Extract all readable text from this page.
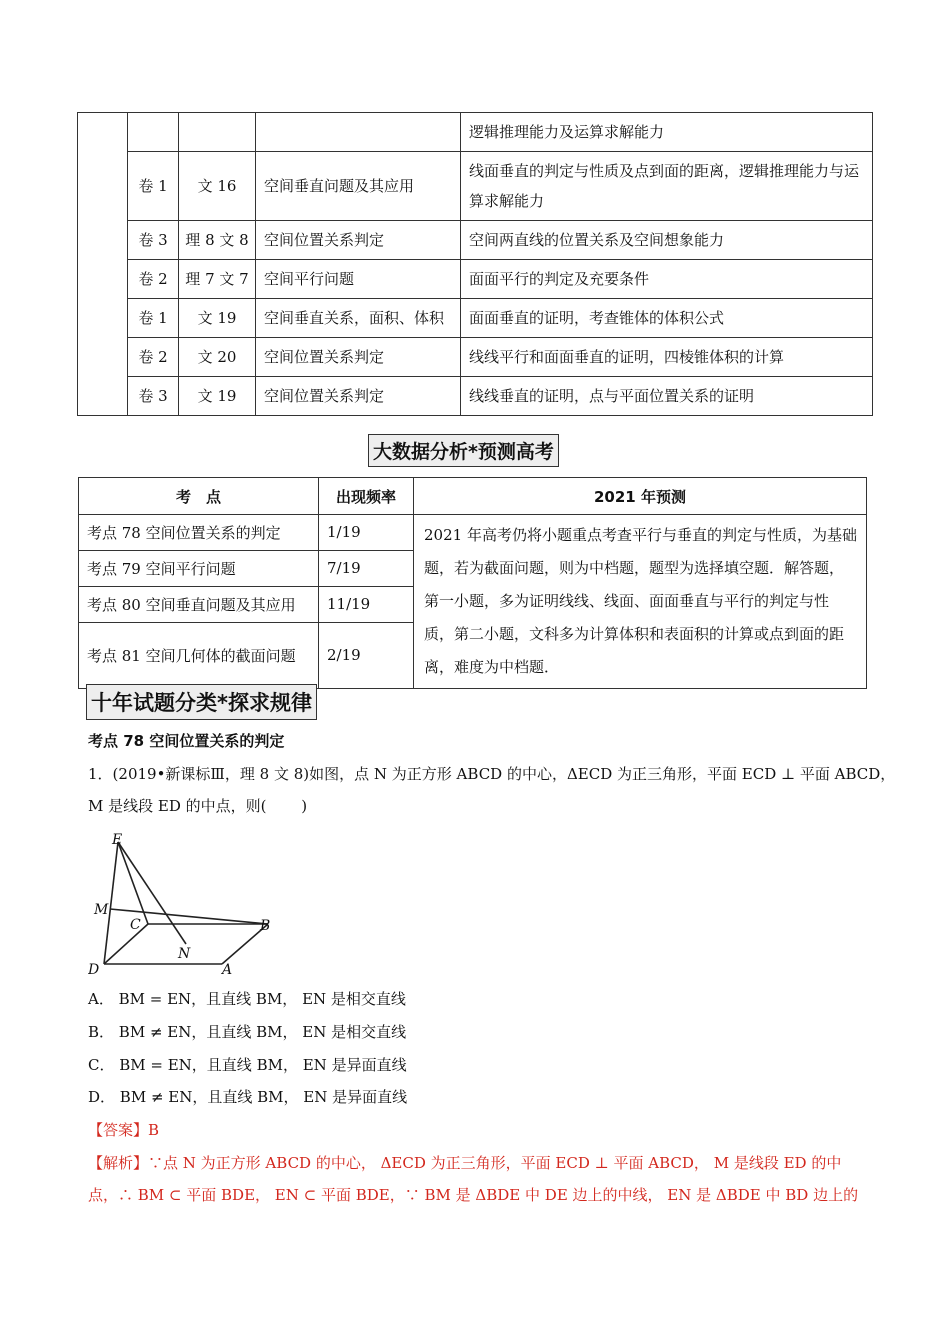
				逻辑推理能力及运算求解能力
	卷 1	文 16	空间垂直问题及其应用	线面垂直的判定与性质及点到面的距离，逻辑推理能力与运算求解能力
	卷 3	理 8 文 8	空间位置关系判定	空间两直线的位置关系及空间想象能力
	卷 2	理 7 文 7	空间平行问题	面面平行的判定及充要条件
	卷 1	文 19	空间垂直关系，面积、体积	面面垂直的证明，考查锥体的体积公式
	卷 2	文 20	空间位置关系判定	线线平行和面面垂直的证明，四棱锥体积的计算
	卷 3	文 19	空间位置关系判定	线线垂直的证明，点与平面位置关系的证明
大数据分析*预测高考
考　点	出现频率	2021 年预测
考点 78 空间位置关系的判定	1/19	2021 年高考仍将小题重点考查平行与垂直的判定与性质，为基础题，若为截面问题，则为中档题，题型为选择填空题．解答题，第一小题，多为证明线线、线面、面面垂直与平行的判定与性质，第二小题，文科多为计算体积和表面积的计算或点到面的距离，难度为中档题．
考点 79 空间平行问题	7/19	
考点 80 空间垂直问题及其应用	11/19	
考点 81 空间几何体的截面问题	2/19	
十年试题分类*探求规律
考点 78 空间位置关系的判定
1．(2019•新课标Ⅲ，理 8 文 8)如图，点 N 为正方形 ABCD 的中心，ΔECD 为正三角形，平面 ECD ⊥ 平面 ABCD，
M 是线段 ED 的中点，则(　　 )
E
M
C	B
N
D	A
A． BM = EN，且直线 BM， EN 是相交直线
B． BM ≠ EN，且直线 BM， EN 是相交直线
C． BM = EN，且直线 BM， EN 是异面直线
D． BM ≠ EN，且直线 BM， EN 是异面直线
【答案】B
【解析】∵点 N 为正方形 ABCD 的中心， ΔECD 为正三角形，平面 ECD ⊥ 平面 ABCD， M 是线段 ED 的中
点，∴ BM ⊂ 平面 BDE， EN ⊂ 平面 BDE，∵ BM 是 ΔBDE 中 DE 边上的中线， EN 是 ΔBDE 中 BD 边上的
